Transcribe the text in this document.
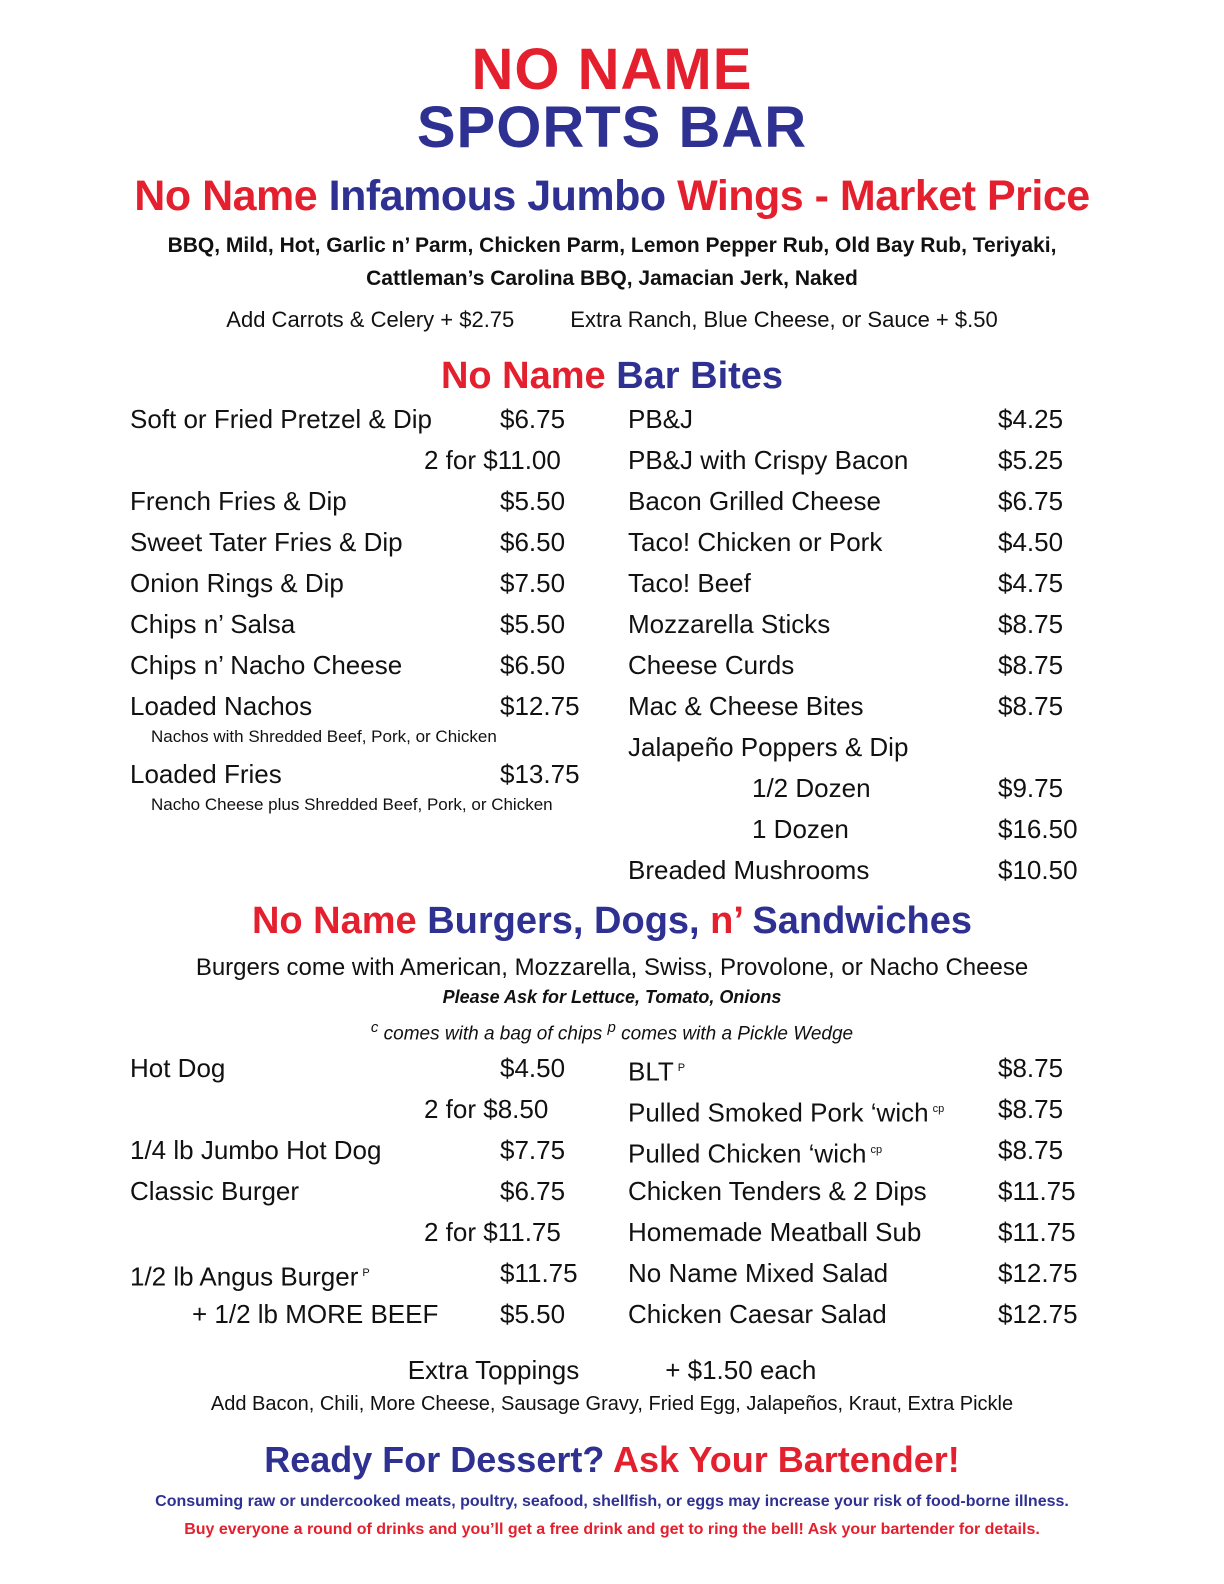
NO NAME
SPORTS BAR
No Name Infamous Jumbo Wings - Market Price
BBQ, Mild, Hot, Garlic n’ Parm, Chicken Parm, Lemon Pepper Rub, Old Bay Rub, Teriyaki,
Cattleman’s Carolina BBQ, Jamacian Jerk, Naked
Add Carrots & Celery + $2.75	Extra Ranch, Blue Cheese, or Sauce + $.50
No Name Bar Bites
Soft or Fried Pretzel & Dip	$6.75
2 for $11.00
French Fries & Dip	$5.50
Sweet Tater Fries & Dip	$6.50
Onion Rings & Dip	$7.50
Chips n’ Salsa	$5.50
Chips n’ Nacho Cheese	$6.50
Loaded Nachos	$12.75
Nachos with Shredded Beef, Pork, or Chicken
Loaded Fries	$13.75
Nacho Cheese plus Shredded Beef, Pork, or Chicken
PB&J	$4.25
PB&J with Crispy Bacon	$5.25
Bacon Grilled Cheese	$6.75
Taco! Chicken or Pork	$4.50
Taco! Beef	$4.75
Mozzarella Sticks	$8.75
Cheese Curds	$8.75
Mac & Cheese Bites	$8.75
Jalapeño Poppers & Dip
1/2 Dozen	$9.75
1 Dozen	$16.50
Breaded Mushrooms	$10.50
No Name Burgers, Dogs, n’ Sandwiches
Burgers come with American, Mozzarella, Swiss, Provolone, or Nacho Cheese
Please Ask for Lettuce, Tomato, Onions
$^c$ comes with a bag of chips $^p$ comes with a Pickle Wedge
Hot Dog	$4.50
2 for $8.50
1/4 lb Jumbo Hot Dog	$7.75
Classic Burger	$6.75
2 for $11.75
1/2 lb Angus Burger $^P$	$11.75
+ 1/2 lb MORE BEEF $5.50
BLT $^P$	$8.75
Pulled Smoked Pork ‘wich $^{cp}$ $8.75
Pulled Chicken ‘wich $^{cp}$	$8.75
Chicken Tenders & 2 Dips	$11.75
Homemade Meatball Sub	$11.75
No Name Mixed Salad	$12.75
Chicken Caesar Salad	$12.75
Extra Toppings	+ $1.50 each
Add Bacon, Chili, More Cheese, Sausage Gravy, Fried Egg, Jalapeños, Kraut, Extra Pickle
Ready For Dessert? Ask Your Bartender!
Consuming raw or undercooked meats, poultry, seafood, shellfish, or eggs may increase your risk of food-borne illness.
Buy everyone a round of drinks and you’ll get a free drink and get to ring the bell! Ask your bartender for details.
